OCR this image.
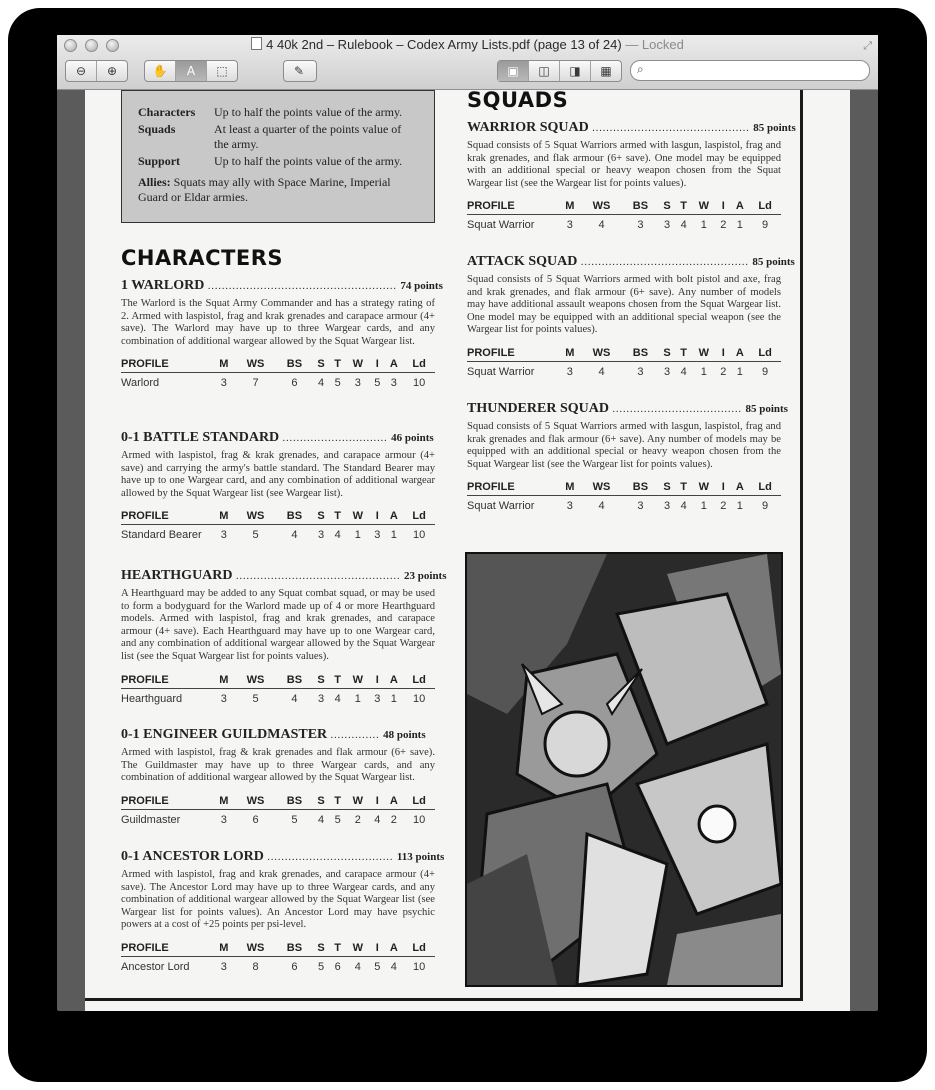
4 40k 2nd – Rulebook – Codex Army Lists.pdf (page 13 of 24) — Locked	⤢
⊖	⊕	✋	A	⬚	✎	▣	◫	◨	▦	⌕
Characters	Up to half the points value of the army.
Squads	At least a quarter of the points value of the army.
Support	Up to half the points value of the army.
Allies: Squats may ally with Space Marine, Imperial Guard or Eldar armies.
CHARACTERS
SQUADS
1 WARLORD ...................................................... 74 points
The Warlord is the Squat Army Commander and has a strategy rating of 2. Armed with laspistol, frag and krak grenades and carapace armour (4+ save). The Warlord may have up to three Wargear cards, and any combination of additional wargear allowed by the Squat Wargear list.
PROFILE	M	WS	BS	S	T	W	I	A	Ld
Warlord	3	7	6	4	5	3	5	3	10
0-1 BATTLE STANDARD .............................. 46 points
Armed with laspistol, frag & krak grenades, and carapace armour (4+ save) and carrying the army's battle standard. The Standard Bearer may have up to one Wargear card, and any combination of additional wargear allowed by the Squat Wargear list (see Wargear list).
PROFILE	M	WS	BS	S	T	W	I	A	Ld
Standard Bearer	3	5	4	3	4	1	3	1	10
HEARTHGUARD ............................................... 23 points
A Hearthguard may be added to any Squat combat squad, or may be used to form a bodyguard for the Warlord made up of 4 or more Hearthguard models. Armed with laspistol, frag and krak grenades, and carapace armour (4+ save). Each Hearthguard may have up to one Wargear card, and any combination of additional wargear allowed by the Squat Wargear list (see the Squat Wargear list for points values).
PROFILE	M	WS	BS	S	T	W	I	A	Ld
Hearthguard	3	5	4	3	4	1	3	1	10
0-1 ENGINEER GUILDMASTER .............. 48 points
Armed with laspistol, frag & krak grenades and flak armour (6+ save). The Guildmaster may have up to three Wargear cards, and any combination of additional wargear allowed by the Squat Wargear list.
PROFILE	M	WS	BS	S	T	W	I	A	Ld
Guildmaster	3	6	5	4	5	2	4	2	10
0-1 ANCESTOR LORD .................................... 113 points
Armed with laspistol, frag and krak grenades, and carapace armour (4+ save). The Ancestor Lord may have up to three Wargear cards, and any combination of additional wargear allowed by the Squat Wargear list (see Wargear list for points values). An Ancestor Lord may have psychic powers at a cost of +25 points per psi-level.
PROFILE	M	WS	BS	S	T	W	I	A	Ld
Ancestor Lord	3	8	6	5	6	4	5	4	10
WARRIOR SQUAD ............................................. 85 points
Squad consists of 5 Squat Warriors armed with lasgun, laspistol, frag and krak grenades, and flak armour (6+ save). One model may be equipped with an additional special or heavy weapon chosen from the Squat Wargear list (see the Wargear list for points values).
PROFILE	M	WS	BS	S	T	W	I	A	Ld
Squat Warrior	3	4	3	3	4	1	2	1	9
ATTACK SQUAD ................................................ 85 points
Squad consists of 5 Squat Warriors armed with bolt pistol and axe, frag and krak grenades, and flak armour (6+ save). Any number of models may have additional assault weapons chosen from the Squat Wargear list. One model may be equipped with an additional special weapon (see the Wargear list for points values).
PROFILE	M	WS	BS	S	T	W	I	A	Ld
Squat Warrior	3	4	3	3	4	1	2	1	9
THUNDERER SQUAD ..................................... 85 points
Squad consists of 5 Squat Warriors armed with lasgun, laspistol, frag and krak grenades and flak armour (6+ save). Any number of models may be equipped with an additional special or heavy weapon chosen from the Squat Wargear list (see the Wargear list for points values).
PROFILE	M	WS	BS	S	T	W	I	A	Ld
Squat Warrior	3	4	3	3	4	1	2	1	9
